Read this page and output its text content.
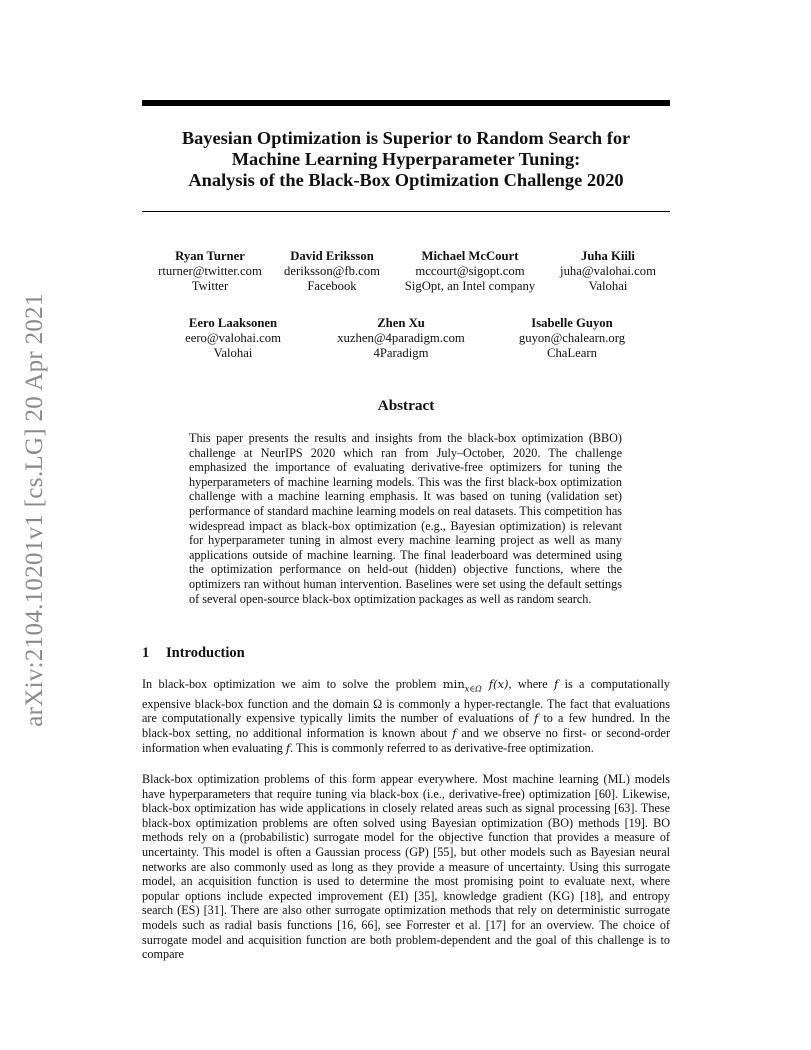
arXiv:2104.10201v1 [cs.LG] 20 Apr 2021
Bayesian Optimization is Superior to Random Search for
Machine Learning Hyperparameter Tuning:
Analysis of the Black-Box Optimization Challenge 2020
Ryan Turner
rturner@twitter.com
Twitter
David Eriksson
deriksson@fb.com
Facebook
Michael McCourt
mccourt@sigopt.com
SigOpt, an Intel company
Juha Kiili
juha@valohai.com
Valohai
Eero Laaksonen
eero@valohai.com
Valohai
Zhen Xu
xuzhen@4paradigm.com
4Paradigm
Isabelle Guyon
guyon@chalearn.org
ChaLearn
Abstract
This paper presents the results and insights from the black-box optimization (BBO) challenge at NeurIPS 2020 which ran from July–October, 2020. The challenge emphasized the importance of evaluating derivative-free optimizers for tuning the hyperparameters of machine learning models. This was the first black-box optimization challenge with a machine learning emphasis. It was based on tuning (validation set) performance of standard machine learning models on real datasets. This competition has widespread impact as black-box optimization (e.g., Bayesian optimization) is relevant for hyperparameter tuning in almost every machine learning project as well as many applications outside of machine learning. The final leaderboard was determined using the optimization performance on held-out (hidden) objective functions, where the optimizers ran without human intervention. Baselines were set using the default settings of several open-source black-box optimization packages as well as random search.
1 Introduction

In black-box optimization we aim to solve the problem $\min_{x\in\Omega} f(x)$, where f is a computationally expensive black-box function and the domain Ω is commonly a hyper-rectangle. The fact that evaluations are computationally expensive typically limits the number of evaluations of f to a few hundred. In the black-box setting, no additional information is known about f and we observe no first- or second-order information when evaluating f. This is commonly referred to as derivative-free optimization.

Black-box optimization problems of this form appear everywhere. Most machine learning (ML) models have hyperparameters that require tuning via black-box (i.e., derivative-free) optimization [60]. Likewise, black-box optimization has wide applications in closely related areas such as signal processing [63]. These black-box optimization problems are often solved using Bayesian optimization (BO) methods [19]. BO methods rely on a (probabilistic) surrogate model for the objective function that provides a measure of uncertainty. This model is often a Gaussian process (GP) [55], but other models such as Bayesian neural networks are also commonly used as long as they provide a measure of uncertainty. Using this surrogate model, an acquisition function is used to determine the most promising point to evaluate next, where popular options include expected improvement (EI) [35], knowledge gradient (KG) [18], and entropy search (ES) [31]. There are also other surrogate optimization methods that rely on deterministic surrogate models such as radial basis functions [16, 66], see Forrester et al. [17] for an overview. The choice of surrogate model and acquisition function are both problem-dependent and the goal of this challenge is to compare
